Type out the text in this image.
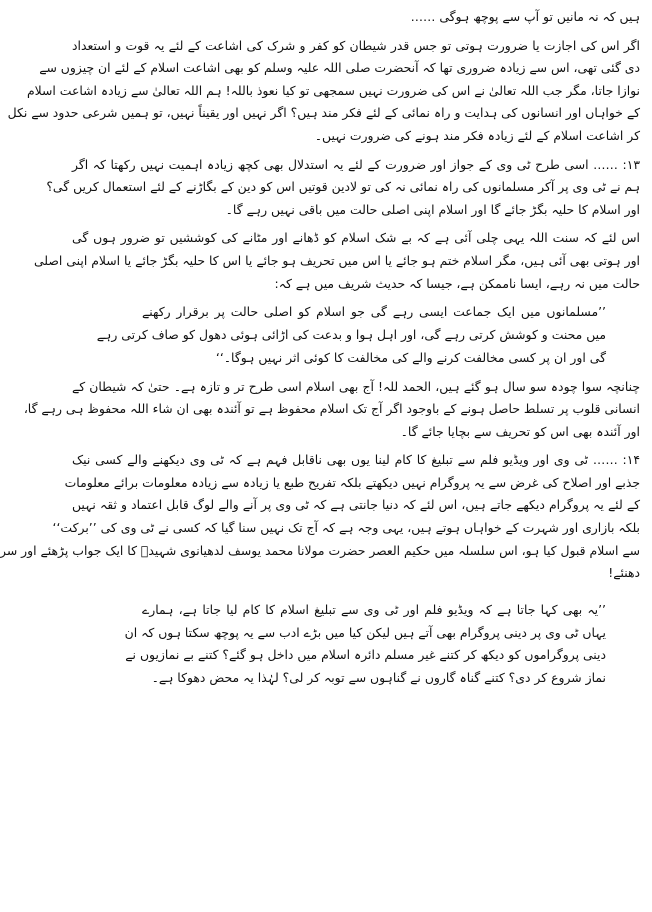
ہیں کہ نہ مانیں تو آپ سے پوچھ ہوگی ……
اگر اس کی اجازت یا ضرورت ہوتی تو جس قدر شیطان کو کفر و شرک کی اشاعت کے لئے یہ قوت و استعداد
دی گئی تھی، اس سے زیادہ ضروری تھا کہ آنحضرت صلی اللہ علیہ وسلم کو بھی اشاعت اسلام کے لئے ان چیزوں سے
نوازا جاتا، مگر جب اللہ تعالیٰ نے اس کی ضرورت نہیں سمجھی تو کیا نعوذ باللہ! ہم اللہ تعالیٰ سے زیادہ اشاعت اسلام
کے خواہاں اور انسانوں کی ہدایت و راہ نمائی کے لئے فکر مند ہیں؟ اگر نہیں اور یقیناً نہیں، تو ہمیں شرعی حدود سے نکل
کر اشاعت اسلام کے لئے زیادہ فکر مند ہونے کی ضرورت نہیں۔
۱۳: …… اسی طرح ٹی وی کے جواز اور ضرورت کے لئے یہ استدلال بھی کچھ زیادہ اہمیت نہیں رکھتا کہ اگر
ہم نے ٹی وی پر آکر مسلمانوں کی راہ نمائی نہ کی تو لادین قوتیں اس کو دین کے بگاڑنے کے لئے استعمال کریں گی؟
اور اسلام کا حلیہ بگڑ جائے گا اور اسلام اپنی اصلی حالت میں باقی نہیں رہے گا۔
اس لئے کہ سنت اللہ یہی چلی آئی ہے کہ بے شک اسلام کو ڈھانے اور مٹانے کی کوششیں تو ضرور ہوں گی
اور ہوتی بھی آئی ہیں، مگر اسلام ختم ہو جائے یا اس میں تحریف ہو جائے یا اس کا حلیہ بگڑ جائے یا اسلام اپنی اصلی
حالت میں نہ رہے، ایسا ناممکن ہے، جیسا کہ حدیث شریف میں ہے کہ:
’’مسلمانوں میں ایک جماعت ایسی رہے گی جو اسلام کو اصلی حالت پر برقرار رکھنے
میں محنت و کوشش کرتی رہے گی، اور اہل ہوا و بدعت کی اڑائی ہوئی دھول کو صاف کرتی رہے
گی اور ان پر کسی مخالفت کرنے والے کی مخالفت کا کوئی اثر نہیں ہوگا۔‘‘
چنانچہ سوا چودہ سو سال ہو گئے ہیں، الحمد للہ! آج بھی اسلام اسی طرح تر و تازہ ہے۔ حتیٰ کہ شیطان کے
انسانی قلوب پر تسلط حاصل ہونے کے باوجود اگر آج تک اسلام محفوظ ہے تو آئندہ بھی ان شاء اللہ محفوظ ہی رہے گا،
اور آئندہ بھی اس کو تحریف سے بچایا جائے گا۔
۱۴: …… ٹی وی اور ویڈیو فلم سے تبلیغ کا کام لینا یوں بھی ناقابل فہم ہے کہ ٹی وی دیکھنے والے کسی نیک
جذبے اور اصلاح کی غرض سے یہ پروگرام نہیں دیکھتے بلکہ تفریح طبع یا زیادہ سے زیادہ معلومات برائے معلومات
کے لئے یہ پروگرام دیکھے جاتے ہیں، اس لئے کہ دنیا جانتی ہے کہ ٹی وی پر آنے والے لوگ قابل اعتماد و ثقہ نہیں
بلکہ بازاری اور شہرت کے خواہاں ہوتے ہیں، یہی وجہ ہے کہ آج تک نہیں سنا گیا کہ کسی نے ٹی وی کی ’’برکت‘‘
سے اسلام قبول کیا ہو، اس سلسلہ میں حکیم العصر حضرت مولانا محمد یوسف لدھیانوی شہیدؒ کا ایک جواب پڑھئے اور سر
دھنئے!
’’یہ بھی کہا جاتا ہے کہ ویڈیو فلم اور ٹی وی سے تبلیغ اسلام کا کام لیا جاتا ہے، ہمارے
یہاں ٹی وی پر دینی پروگرام بھی آتے ہیں لیکن کیا میں بڑے ادب سے یہ پوچھ سکتا ہوں کہ ان
دینی پروگراموں کو دیکھ کر کتنے غیر مسلم دائرہ اسلام میں داخل ہو گئے؟ کتنے بے نمازیوں نے
نماز شروع کر دی؟ کتنے گناہ گاروں نے گناہوں سے توبہ کر لی؟ لہٰذا یہ محض دھوکا ہے۔
